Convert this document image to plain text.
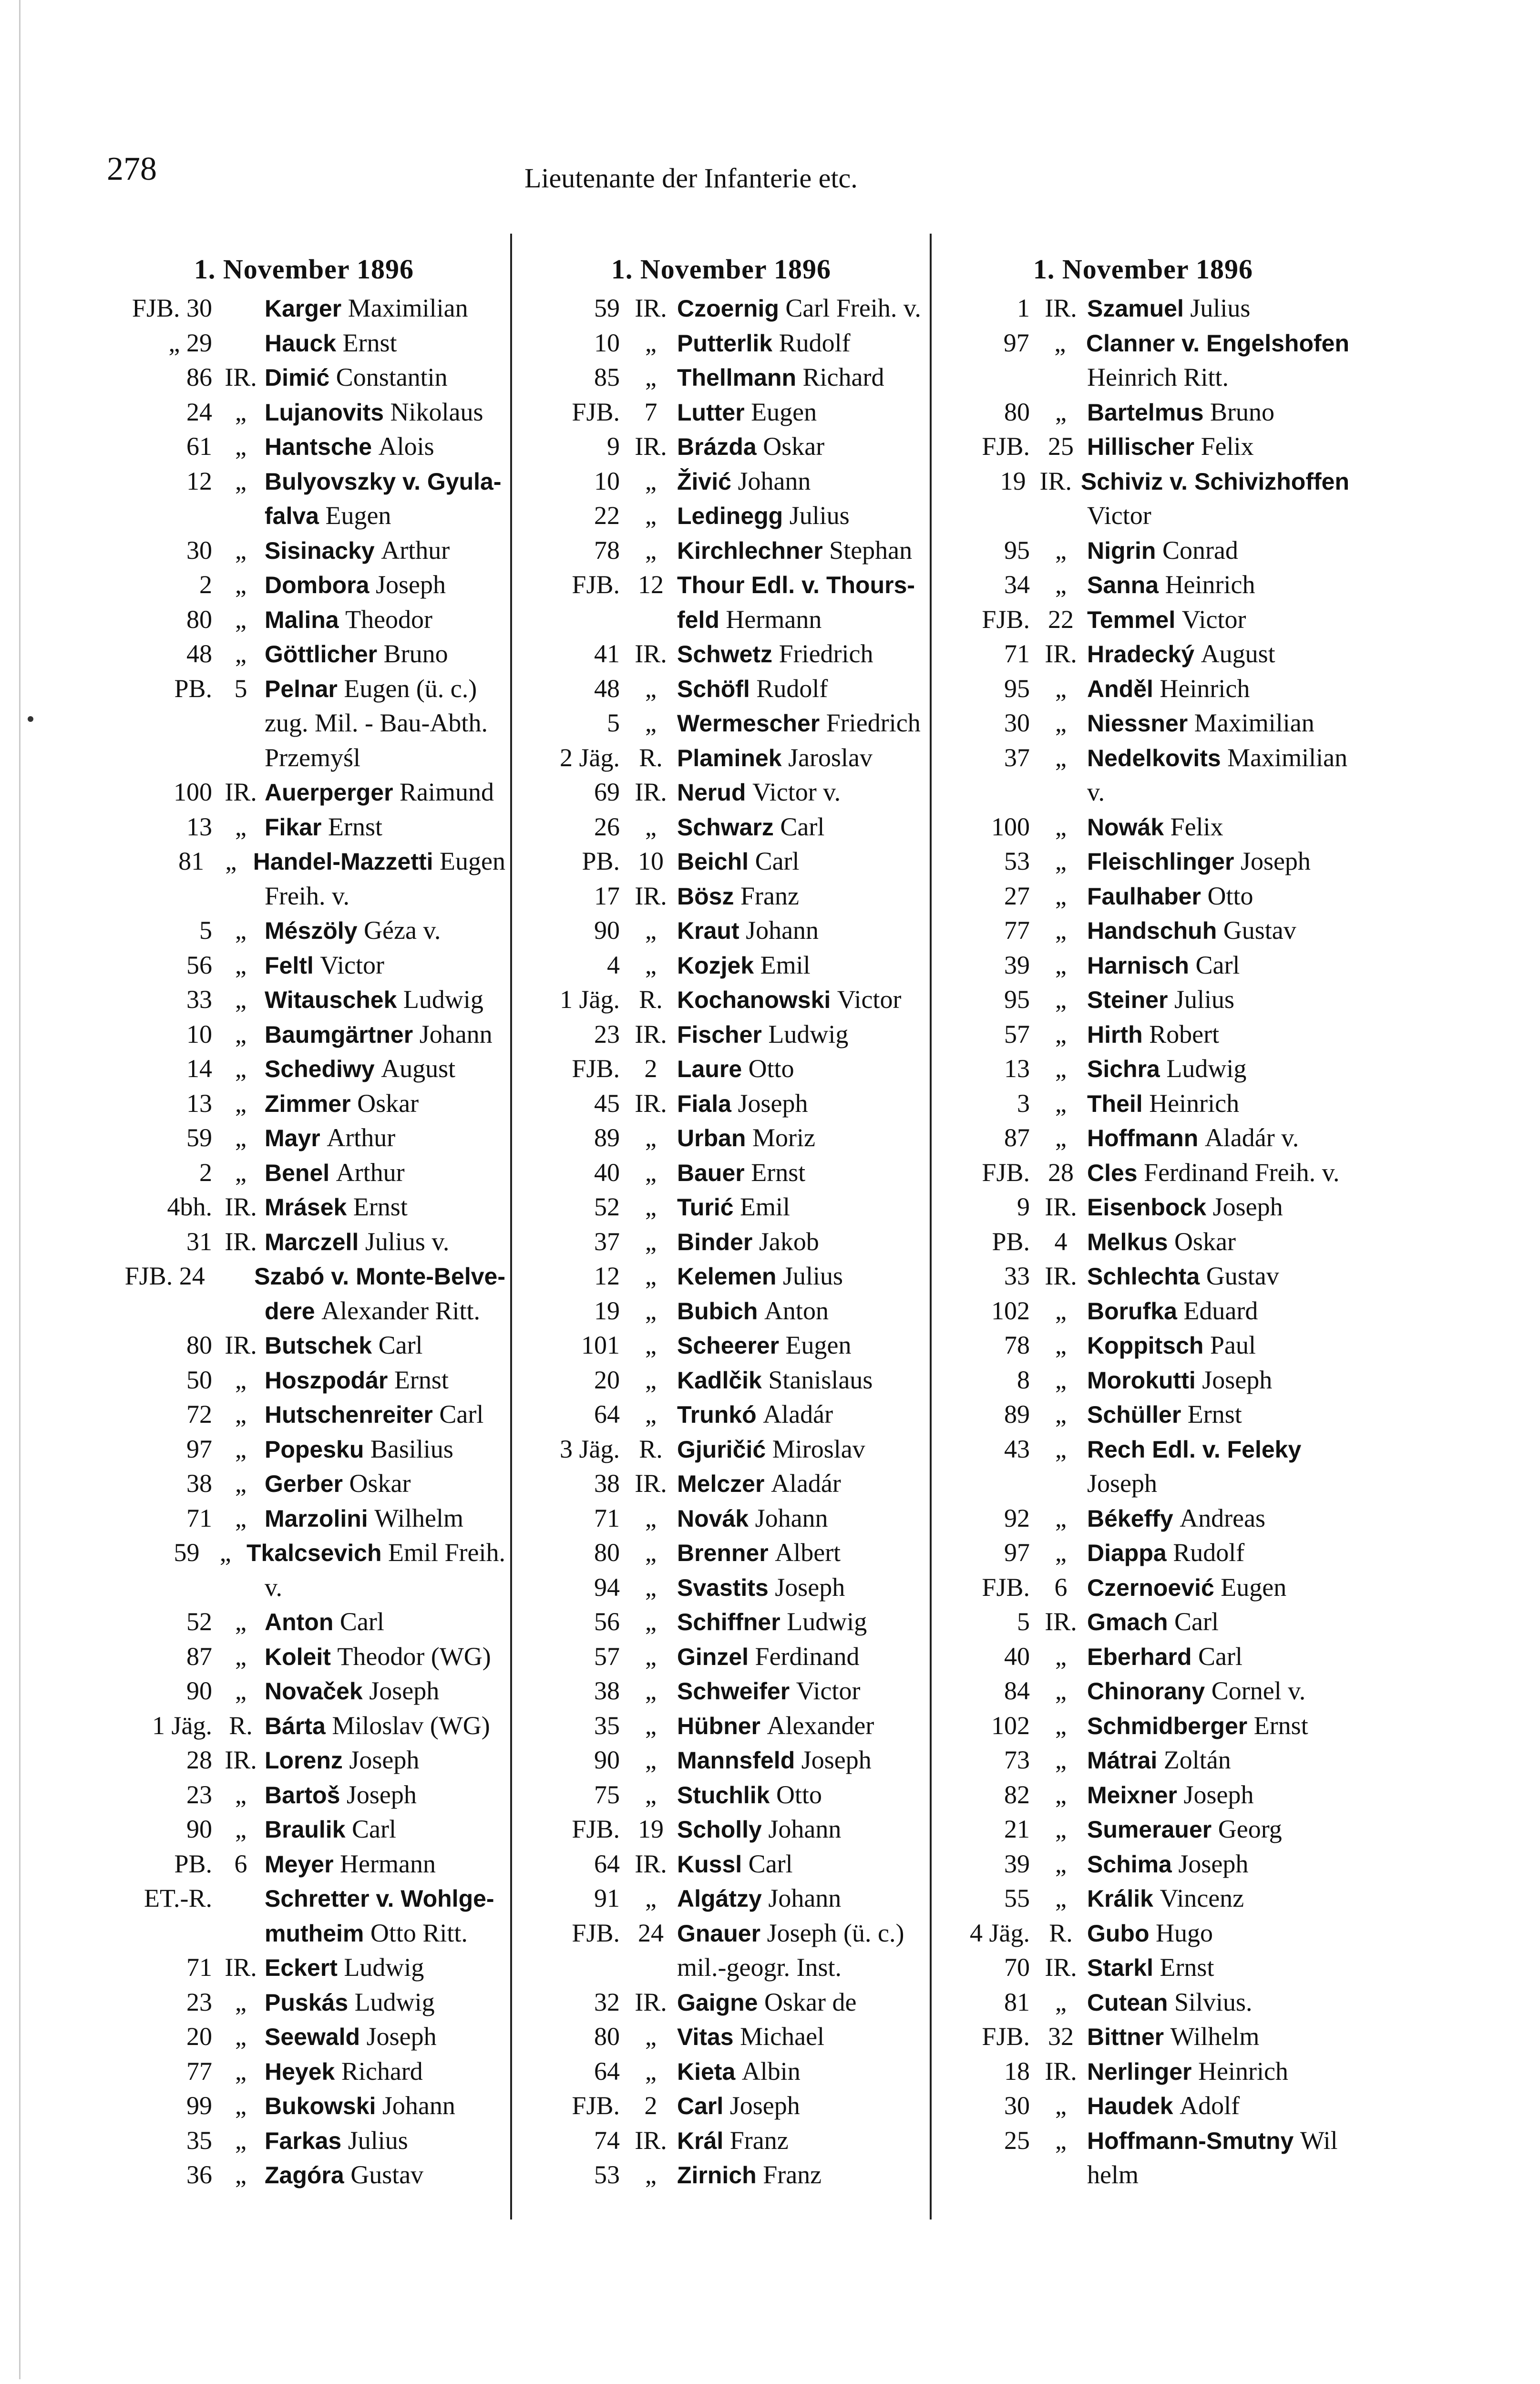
278	Lieutenante der Infanterie etc.
1. November 1896
FJB. 30 Karger Maximilian
„ 29 Hauck Ernst
86 IR. Dimić Constantin
24 „ Lujanovits Nikolaus
61 „ Hantsche Alois
12 „ Bulyovszky v. Gyula-
falva Eugen
30 „ Sisinacky Arthur
2 „ Dombora Joseph
80 „ Malina Theodor
48 „ Göttlicher Bruno
PB. 5 Pelnar Eugen (ü. c.)
zug. Mil. - Bau-Abth.
Przemyśl
100 IR. Auerperger Raimund
13 „ Fikar Ernst
81 „ Handel-Mazzetti Eugen
Freih. v.
5 „ Mészöly Géza v.
56 „ Feltl Victor
33 „ Witauschek Ludwig
10 „ Baumgärtner Johann
14 „ Schediwy August
13 „ Zimmer Oskar
59 „ Mayr Arthur
2 „ Benel Arthur
4bh. IR. Mrásek Ernst
31 IR. Marczell Julius v.
FJB. 24 Szabó v. Monte-Belve-
dere Alexander Ritt.
80 IR. Butschek Carl
50 „ Hoszpodár Ernst
72 „ Hutschenreiter Carl
97 „ Popesku Basilius
38 „ Gerber Oskar
71 „ Marzolini Wilhelm
59 „ Tkalcsevich Emil Freih.
v.
52 „ Anton Carl
87 „ Koleit Theodor (WG)
90 „ Novaček Joseph
1 Jäg. R. Bárta Miloslav (WG)
28 IR. Lorenz Joseph
23 „ Bartoš Joseph
90 „ Braulik Carl
PB. 6 Meyer Hermann
ET.-R. Schretter v. Wohlge-
mutheim Otto Ritt.
71 IR. Eckert Ludwig
23 „ Puskás Ludwig
20 „ Seewald Joseph
77 „ Heyek Richard
99 „ Bukowski Johann
35 „ Farkas Julius
36 „ Zagóra Gustav
1. November 1896
59 IR. Czoernig Carl Freih. v.
10 „ Putterlik Rudolf
85 „ Thellmann Richard
FJB. 7 Lutter Eugen
9 IR. Brázda Oskar
10 „ Živić Johann
22 „ Ledinegg Julius
78 „ Kirchlechner Stephan
FJB. 12 Thour Edl. v. Thours-
feld Hermann
41 IR. Schwetz Friedrich
48 „ Schöfl Rudolf
5 „ Wermescher Friedrich
2 Jäg. R. Plaminek Jaroslav
69 IR. Nerud Victor v.
26 „ Schwarz Carl
PB. 10 Beichl Carl
17 IR. Bösz Franz
90 „ Kraut Johann
4 „ Kozjek Emil
1 Jäg. R. Kochanowski Victor
23 IR. Fischer Ludwig
FJB. 2 Laure Otto
45 IR. Fiala Joseph
89 „ Urban Moriz
40 „ Bauer Ernst
52 „ Turić Emil
37 „ Binder Jakob
12 „ Kelemen Julius
19 „ Bubich Anton
101 „ Scheerer Eugen
20 „ Kadlčik Stanislaus
64 „ Trunkó Aladár
3 Jäg. R. Gjuričić Miroslav
38 IR. Melczer Aladár
71 „ Novák Johann
80 „ Brenner Albert
94 „ Svastits Joseph
56 „ Schiffner Ludwig
57 „ Ginzel Ferdinand
38 „ Schweifer Victor
35 „ Hübner Alexander
90 „ Mannsfeld Joseph
75 „ Stuchlik Otto
FJB. 19 Scholly Johann
64 IR. Kussl Carl
91 „ Algátzy Johann
FJB. 24 Gnauer Joseph (ü. c.)
mil.-geogr. Inst.
32 IR. Gaigne Oskar de
80 „ Vitas Michael
64 „ Kieta Albin
FJB. 2 Carl Joseph
74 IR. Král Franz
53 „ Zirnich Franz
1. November 1896
1 IR. Szamuel Julius
97 „ Clanner v. Engelshofen
Heinrich Ritt.
80 „ Bartelmus Bruno
FJB. 25 Hillischer Felix
19 IR. Schiviz v. Schivizhoffen
Victor
95 „ Nigrin Conrad
34 „ Sanna Heinrich
FJB. 22 Temmel Victor
71 IR. Hradecký August
95 „ Anděl Heinrich
30 „ Niessner Maximilian
37 „ Nedelkovits Maximilian
v.
100 „ Nowák Felix
53 „ Fleischlinger Joseph
27 „ Faulhaber Otto
77 „ Handschuh Gustav
39 „ Harnisch Carl
95 „ Steiner Julius
57 „ Hirth Robert
13 „ Sichra Ludwig
3 „ Theil Heinrich
87 „ Hoffmann Aladár v.
FJB. 28 Cles Ferdinand Freih. v.
9 IR. Eisenbock Joseph
PB. 4 Melkus Oskar
33 IR. Schlechta Gustav
102 „ Borufka Eduard
78 „ Koppitsch Paul
8 „ Morokutti Joseph
89 „ Schüller Ernst
43 „ Rech Edl. v. Feleky
Joseph
92 „ Békeffy Andreas
97 „ Diappa Rudolf
FJB. 6 Czernoević Eugen
5 IR. Gmach Carl
40 „ Eberhard Carl
84 „ Chinorany Cornel v.
102 „ Schmidberger Ernst
73 „ Mátrai Zoltán
82 „ Meixner Joseph
21 „ Sumerauer Georg
39 „ Schima Joseph
55 „ Králik Vincenz
4 Jäg. R. Gubo Hugo
70 IR. Starkl Ernst
81 „ Cutean Silvius.
FJB. 32 Bittner Wilhelm
18 IR. Nerlinger Heinrich
30 „ Haudek Adolf
25 „ Hoffmann-Smutny Wil
helm
